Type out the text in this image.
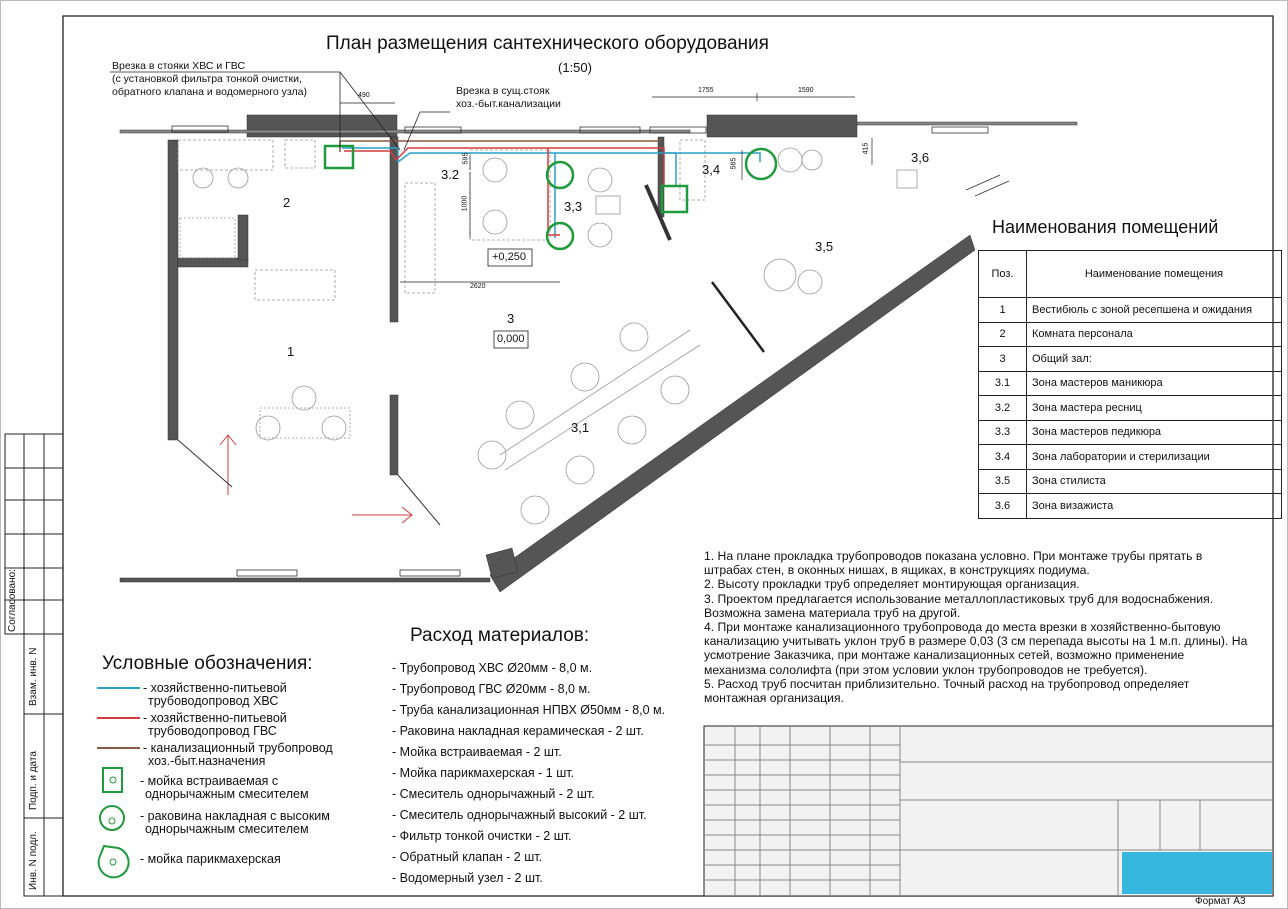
План размещения сантехнического оборудования
(1:50)
Врезка в стояки ХВС и ГВС
(с установкой фильтра тонкой очистки,
обратного клапана и водомерного узла)	Врезка в сущ.стояк
хоз.-быт.канализации
490
1755	1590
415
585
595
1000
2620
+0,250
0,000
2
1
3
3,1
3.2
3,3
3,4
3,5
3,6
Наименования помещений
Поз.	Наименование помещения
1	Вестибюль с зоной ресепшена и ожидания
2	Комната персонала
3	Общий зал:
3.1	Зона мастеров маникюра
3.2	Зона мастера ресниц
3.3	Зона мастеров педикюра
3.4	Зона лаборатории и стерилизации
3.5	Зона стилиста
3.6	Зона визажиста
1. На плане прокладка трубопроводов показана условно. При монтаже трубы прятать в штрабах стен, в оконных нишах, в ящиках, в конструкциях подиума.
2. Высоту прокладки труб определяет монтирующая организация.
3. Проектом предлагается использование металлопластиковых труб для водоснабжения. Возможна замена материала труб на другой.
4. При монтаже канализационного трубопровода до места врезки в хозяйственно-бытовую канализацию учитывать уклон труб в размере 0,03 (3 см перепада высоты на 1 м.п. длины). На усмотрение Заказчика, при монтаже канализационных сетей, возможно применение механизма сололифта (при этом условии уклон трубопроводов не требуется).
5. Расход труб посчитан приблизительно. Точный расход на трубопровод определяет монтажная организация.
Условные обозначения:
- хозяйственно-питьевой
трубоводопровод ХВС
- хозяйственно-питьевой
трубоводопровод ГВС
- канализационный трубопровод
хоз.-быт.назначения
- мойка встраиваемая с
однорычажным смесителем
- раковина накладная с высоким
однорычажным смесителем
- мойка парикмахерская
Расход материалов:
- Трубопровод ХВС Ø20мм - 8,0 м.
- Трубопровод ГВС Ø20мм - 8,0 м.
- Труба канализационная НПВХ Ø50мм - 8,0 м.
- Раковина накладная керамическая - 2 шт.
- Мойка встраиваемая - 2 шт.
- Мойка парикмахерская - 1 шт.
- Смеситель однорычажный - 2 шт.
- Смеситель однорычажный высокий - 2 шт.
- Фильтр тонкой очистки - 2 шт.
- Обратный клапан - 2 шт.
- Водомерный узел - 2 шт.
Согласовано:
Взам. инв. N
Подп. и дата
Инв. N подл.
Формат А3
